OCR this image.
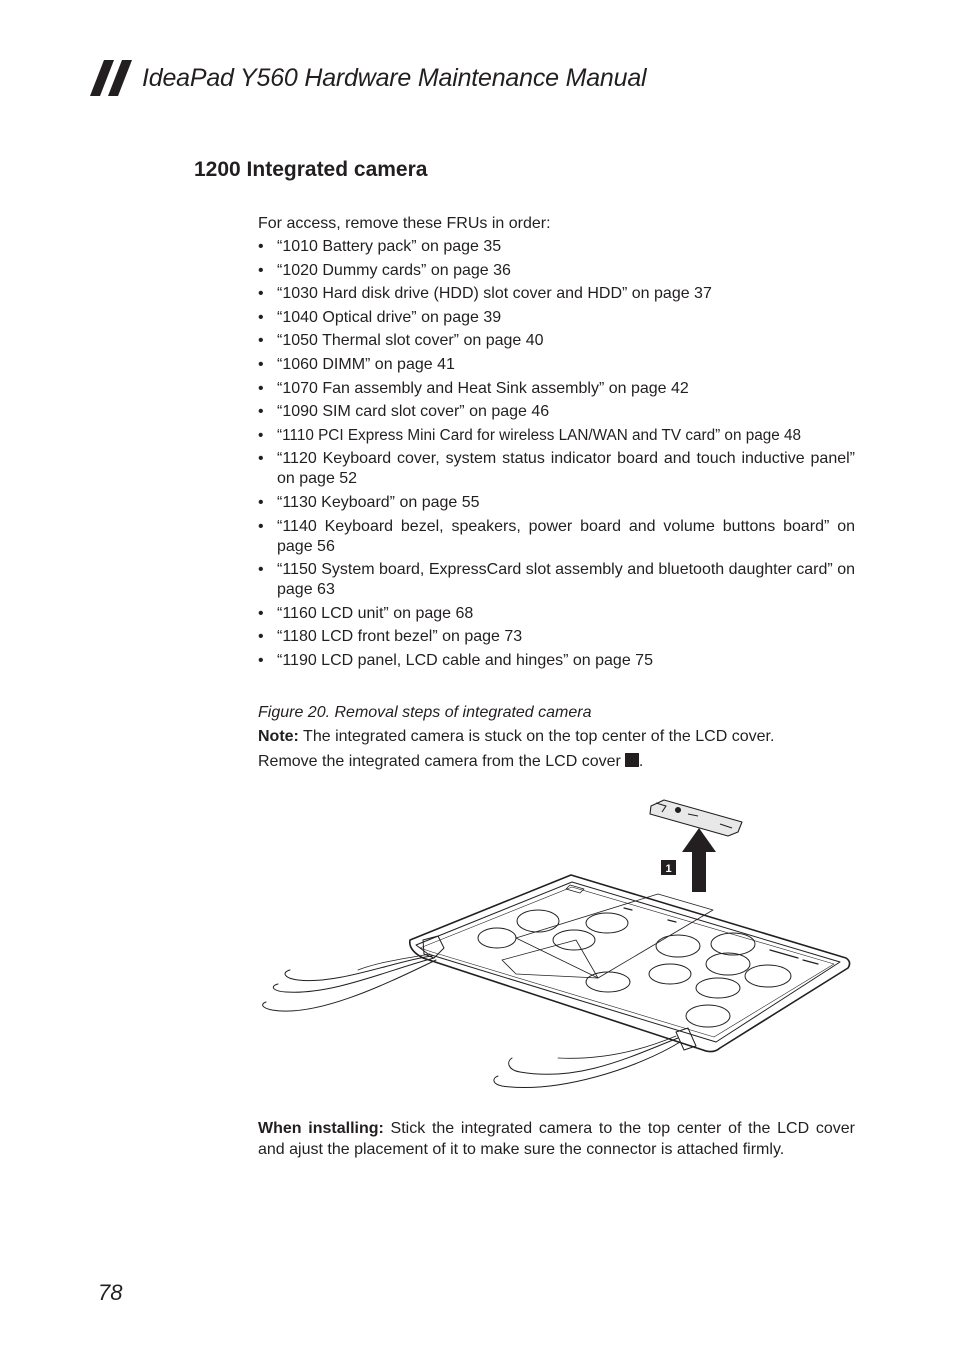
IdeaPad Y560 Hardware Maintenance Manual
1200 Integrated camera

For access, remove these FRUs in order:

• “1010 Battery pack” on page 35
• “1020 Dummy cards” on page 36
• “1030 Hard disk drive (HDD) slot cover and HDD” on page 37
• “1040 Optical drive” on page 39
• “1050 Thermal slot cover” on page 40
• “1060 DIMM” on page 41
• “1070 Fan assembly and Heat Sink assembly” on page 42
• “1090 SIM card slot cover” on page 46
• “1110 PCI Express Mini Card for wireless LAN/WAN and TV card” on page 48
• “1120 Keyboard cover, system status indicator board and touch inductive panel” on page 52
• “1130 Keyboard” on page 55
• “1140 Keyboard bezel, speakers, power board and volume buttons board” on page 56
• “1150 System board, ExpressCard slot assembly and bluetooth daughter card” on page 63
• “1160 LCD unit” on page 68
• “1180 LCD front bezel” on page 73
• “1190 LCD panel, LCD cable and hinges” on page 75
Figure 20. Removal steps of integrated camera
Note: The integrated camera is stuck on the top center of the LCD cover.
Remove the integrated camera from the LCD cover .
1
When installing: Stick the integrated camera to the top center of the LCD cover and ajust the placement of it to make sure the connector is attached firmly.
78
